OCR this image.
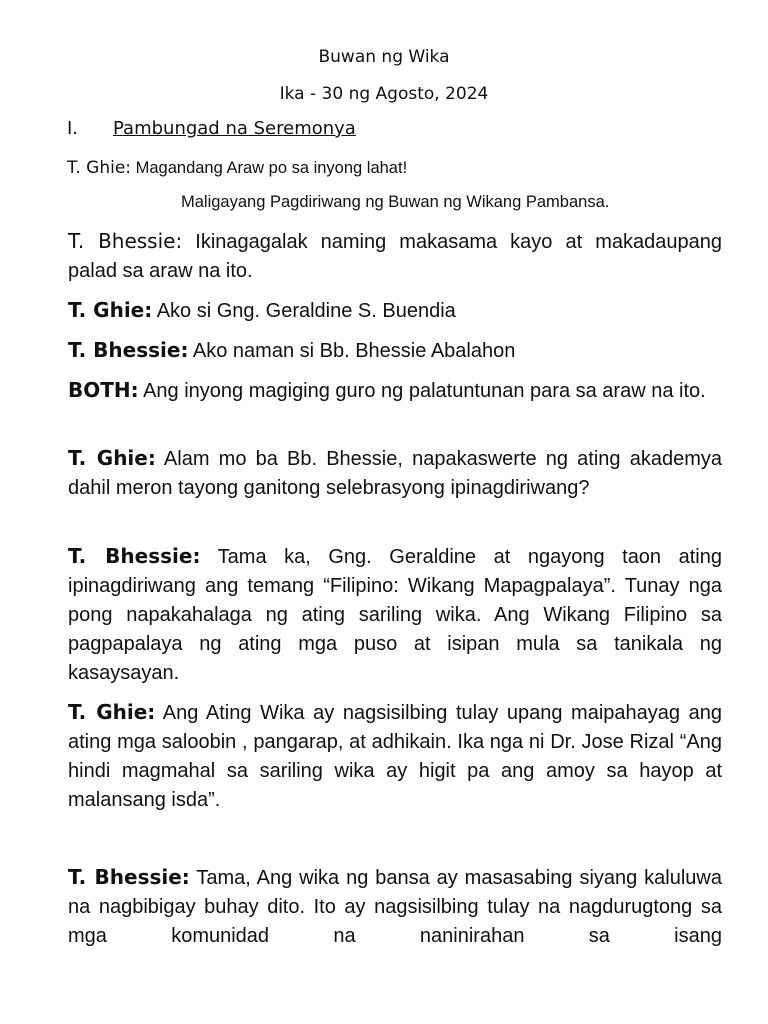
Buwan ng Wika
Ika - 30 ng Agosto, 2024
I. Pambungad na Seremonya
T. Ghie: Magandang Araw po sa inyong lahat!
Maligayang Pagdiriwang ng Buwan ng Wikang Pambansa.
T. Bhessie: Ikinagagalak naming makasama kayo at makadaupang palad sa araw na ito.
T. Ghie: Ako si Gng. Geraldine S. Buendia
T. Bhessie: Ako naman si Bb. Bhessie Abalahon
BOTH: Ang inyong magiging guro ng palatuntunan para sa araw na ito.
T. Ghie: Alam mo ba Bb. Bhessie, napakaswerte ng ating akademya dahil meron tayong ganitong selebrasyong ipinagdiriwang?
T. Bhessie: Tama ka, Gng. Geraldine at ngayong taon ating ipinagdiriwang ang temang “Filipino: Wikang Mapagpalaya”. Tunay nga pong napakahalaga ng ating sariling wika. Ang Wikang Filipino sa pagpapalaya ng ating mga puso at isipan mula sa tanikala ng kasaysayan.
T. Ghie: Ang Ating Wika ay nagsisilbing tulay upang maipahayag ang ating mga saloobin , pangarap, at adhikain. Ika nga ni Dr. Jose Rizal “Ang hindi magmahal sa sariling wika ay higit pa ang amoy sa hayop at malansang isda”.
T. Bhessie: Tama, Ang wika ng bansa ay masasabing siyang kaluluwa na nagbibigay buhay dito. Ito ay nagsisilbing tulay na nagdurugtong sa mga komunidad na naninirahan sa isang
